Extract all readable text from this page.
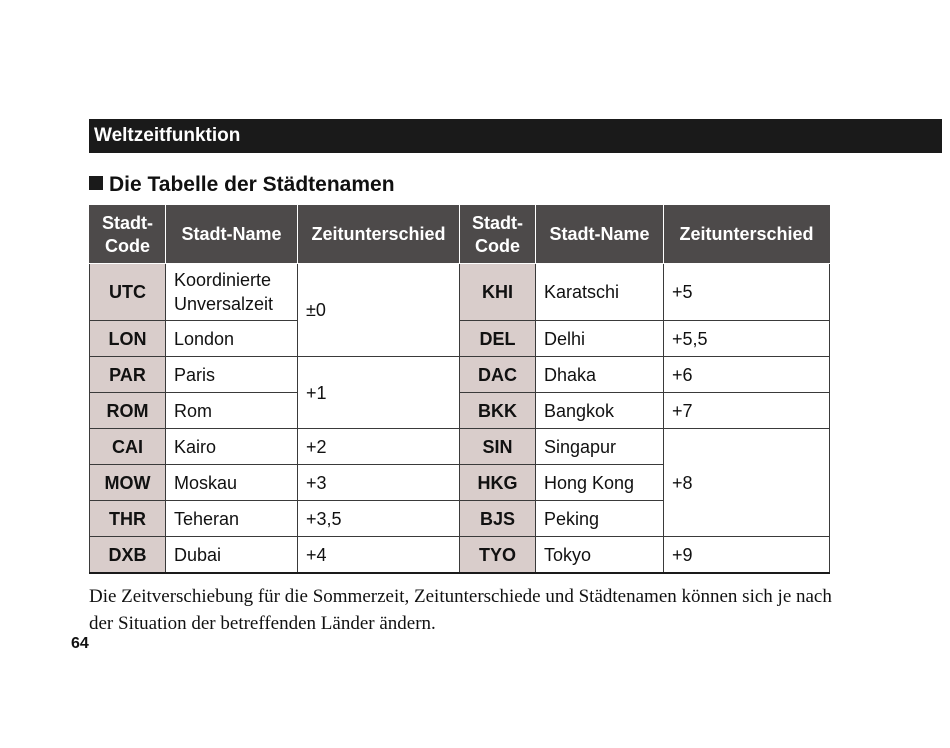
Weltzeitfunktion
Die Tabelle der Städtenamen
Stadt-Code	Stadt-Name	Zeitunterschied	Stadt-Code	Stadt-Name	Zeitunterschied
UTC	Koordinierte Unversalzeit	±0	KHI	Karatschi	+5
LON	London		DEL	Delhi	+5,5
PAR	Paris	+1	DAC	Dhaka	+6
ROM	Rom		BKK	Bangkok	+7
CAI	Kairo	+2	SIN	Singapur	+8
MOW	Moskau	+3	HKG	Hong Kong	
THR	Teheran	+3,5	BJS	Peking	
DXB	Dubai	+4	TYO	Tokyo	+9
Die Zeitverschiebung für die Sommerzeit, Zeitunterschiede und Städtenamen können sich je nach der Situation der betreffenden Länder ändern.
64
